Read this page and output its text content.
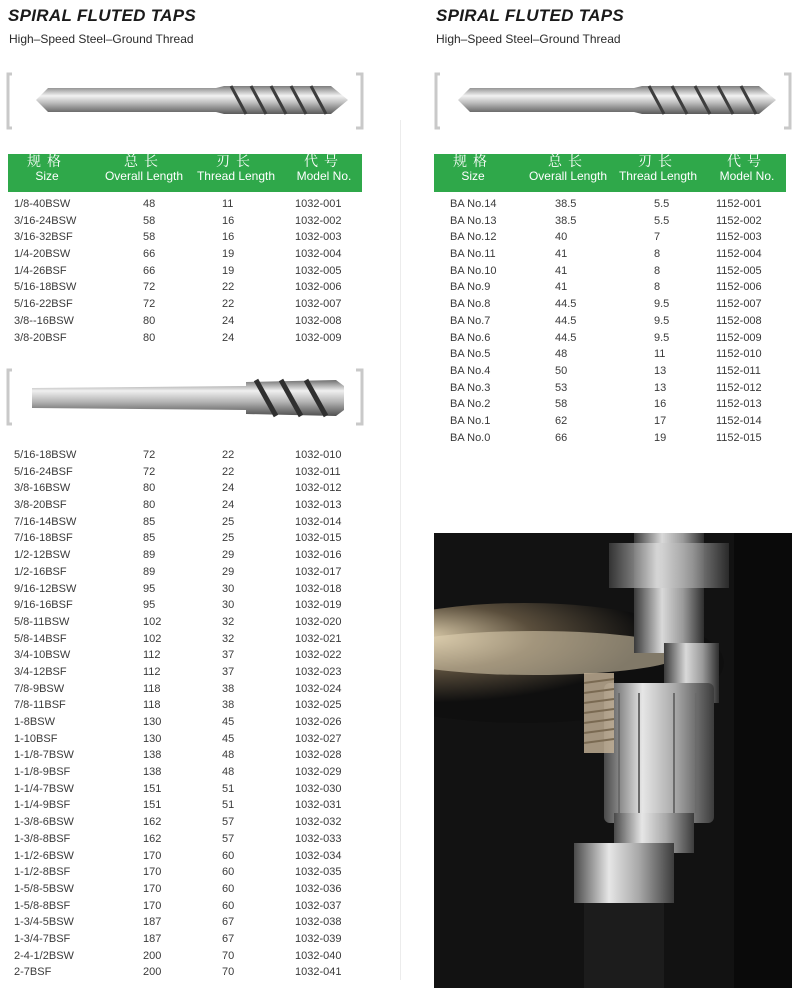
SPIRAL FLUTED TAPS
High–Speed Steel–Ground Thread
规格
Size
总长
Overall Length
刃长
Thread Length
代号
Model No.
1/8-40BSW	48	11	1032-001
3/16-24BSW	58	16	1032-002
3/16-32BSF	58	16	1032-003
1/4-20BSW	66	19	1032-004
1/4-26BSF	66	19	1032-005
5/16-18BSW	72	22	1032-006
5/16-22BSF	72	22	1032-007
3/8--16BSW	80	24	1032-008
3/8-20BSF	80	24	1032-009
5/16-18BSW	72	22	1032-010
5/16-24BSF	72	22	1032-011
3/8-16BSW	80	24	1032-012
3/8-20BSF	80	24	1032-013
7/16-14BSW	85	25	1032-014
7/16-18BSF	85	25	1032-015
1/2-12BSW	89	29	1032-016
1/2-16BSF	89	29	1032-017
9/16-12BSW	95	30	1032-018
9/16-16BSF	95	30	1032-019
5/8-11BSW	102	32	1032-020
5/8-14BSF	102	32	1032-021
3/4-10BSW	112	37	1032-022
3/4-12BSF	112	37	1032-023
7/8-9BSW	118	38	1032-024
7/8-11BSF	118	38	1032-025
1-8BSW	130	45	1032-026
1-10BSF	130	45	1032-027
1-1/8-7BSW	138	48	1032-028
1-1/8-9BSF	138	48	1032-029
1-1/4-7BSW	151	51	1032-030
1-1/4-9BSF	151	51	1032-031
1-3/8-6BSW	162	57	1032-032
1-3/8-8BSF	162	57	1032-033
1-1/2-6BSW	170	60	1032-034
1-1/2-8BSF	170	60	1032-035
1-5/8-5BSW	170	60	1032-036
1-5/8-8BSF	170	60	1032-037
1-3/4-5BSW	187	67	1032-038
1-3/4-7BSF	187	67	1032-039
2-4-1/2BSW	200	70	1032-040
2-7BSF	200	70	1032-041
SPIRAL FLUTED TAPS
High–Speed Steel–Ground Thread
规格
Size
总长
Overall Length
刃长
Thread Length
代号
Model No.
BA No.14	38.5	5.5	1152-001
BA No.13	38.5	5.5	1152-002
BA No.12	40	7	1152-003
BA No.11	41	8	1152-004
BA No.10	41	8	1152-005
BA No.9	41	8	1152-006
BA No.8	44.5	9.5	1152-007
BA No.7	44.5	9.5	1152-008
BA No.6	44.5	9.5	1152-009
BA No.5	48	11	1152-010
BA No.4	50	13	1152-011
BA No.3	53	13	1152-012
BA No.2	58	16	1152-013
BA No.1	62	17	1152-014
BA No.0	66	19	1152-015
